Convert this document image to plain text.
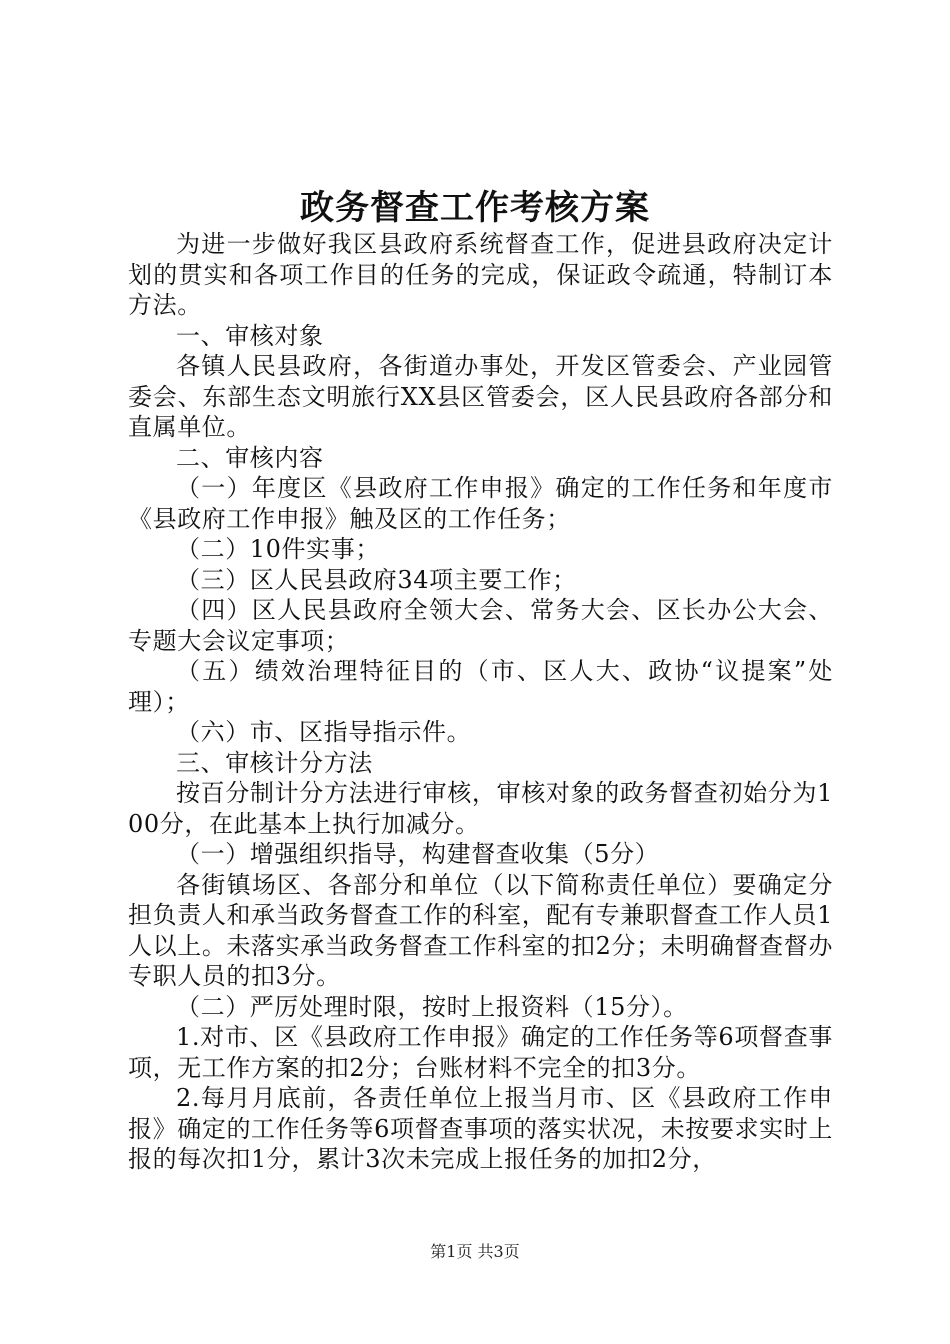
政务督查工作考核方案

为进一步做好我区县政府系统督查工作，促进县政府决定计划的贯实和各项工作目的任务的完成，保证政令疏通，特制订本方法。

一、审核对象

各镇人民县政府，各街道办事处，开发区管委会、产业园管委会、东部生态文明旅行XX县区管委会，区人民县政府各部分和直属单位。

二、审核内容

（一）年度区《县政府工作申报》确定的工作任务和年度市《县政府工作申报》触及区的工作任务；

（二）10件实事；

（三）区人民县政府34项主要工作；

（四）区人民县政府全领大会、常务大会、区长办公大会、专题大会议定事项；

（五）绩效治理特征目的（市、区人大、政协“议提案”处理）；

（六）市、区指导指示件。

三、审核计分方法

按百分制计分方法进行审核，审核对象的政务督查初始分为100分，在此基本上执行加减分。

（一）增强组织指导，构建督查收集（5分）

各街镇场区、各部分和单位（以下简称责任单位）要确定分担负责人和承当政务督查工作的科室，配有专兼职督查工作人员1人以上。未落实承当政务督查工作科室的扣2分；未明确督查督办专职人员的扣3分。

（二）严厉处理时限，按时上报资料（15分）。

1.对市、区《县政府工作申报》确定的工作任务等6项督查事项，无工作方案的扣2分；台账材料不完全的扣3分。

2.每月月底前，各责任单位上报当月市、区《县政府工作申报》确定的工作任务等6项督查事项的落实状况，未按要求实时上报的每次扣1分，累计3次未完成上报任务的加扣2分，

第1页 共3页
